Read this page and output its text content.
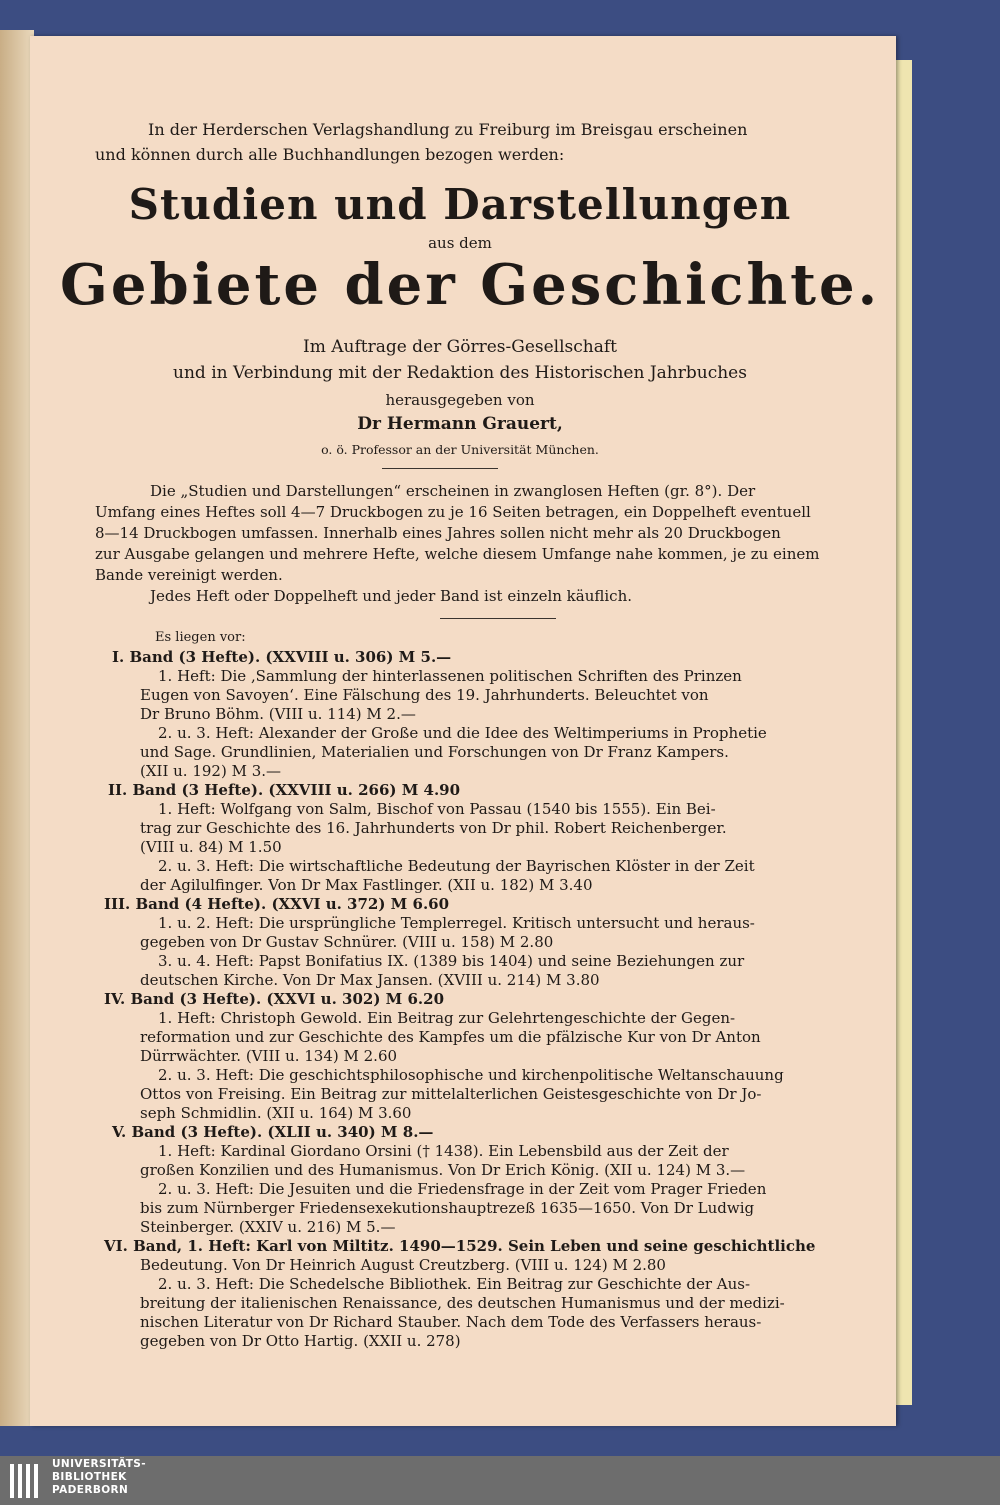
In der Herderschen Verlagshandlung zu Freiburg im Breisgau erscheinen
und können durch alle Buchhandlungen bezogen werden:
Studien und Darstellungen
aus dem
Gebiete der Geschichte.
Im Auftrage der Görres-Gesellschaft
und in Verbindung mit der Redaktion des Historischen Jahrbuches
herausgegeben von
Dr Hermann Grauert,
o. ö. Professor an der Universität München.
Die „Studien und Darstellungen“ erscheinen in zwanglosen Heften (gr. 8°). Der
Umfang eines Heftes soll 4—7 Druckbogen zu je 16 Seiten betragen, ein Doppelheft eventuell
8—14 Druckbogen umfassen. Innerhalb eines Jahres sollen nicht mehr als 20 Druckbogen
zur Ausgabe gelangen und mehrere Hefte, welche diesem Umfange nahe kommen, je zu einem
Bande vereinigt werden.
Jedes Heft oder Doppelheft und jeder Band ist einzeln käuflich.
Es liegen vor:
I. Band (3 Hefte). (XXVIII u. 306) M 5.—
1. Heft: Die ‚Sammlung der hinterlassenen politischen Schriften des Prinzen
Eugen von Savoyen‘. Eine Fälschung des 19. Jahrhunderts. Beleuchtet von
Dr Bruno Böhm. (VIII u. 114) M 2.—
2. u. 3. Heft: Alexander der Große und die Idee des Weltimperiums in Prophetie
und Sage. Grundlinien, Materialien und Forschungen von Dr Franz Kampers.
(XII u. 192) M 3.—
II. Band (3 Hefte). (XXVIII u. 266) M 4.90
1. Heft: Wolfgang von Salm, Bischof von Passau (1540 bis 1555). Ein Bei-
trag zur Geschichte des 16. Jahrhunderts von Dr phil. Robert Reichenberger.
(VIII u. 84) M 1.50
2. u. 3. Heft: Die wirtschaftliche Bedeutung der Bayrischen Klöster in der Zeit
der Agilulfinger. Von Dr Max Fastlinger. (XII u. 182) M 3.40
III. Band (4 Hefte). (XXVI u. 372) M 6.60
1. u. 2. Heft: Die ursprüngliche Templerregel. Kritisch untersucht und heraus-
gegeben von Dr Gustav Schnürer. (VIII u. 158) M 2.80
3. u. 4. Heft: Papst Bonifatius IX. (1389 bis 1404) und seine Beziehungen zur
deutschen Kirche. Von Dr Max Jansen. (XVIII u. 214) M 3.80
IV. Band (3 Hefte). (XXVI u. 302) M 6.20
1. Heft: Christoph Gewold. Ein Beitrag zur Gelehrtengeschichte der Gegen-
reformation und zur Geschichte des Kampfes um die pfälzische Kur von Dr Anton
Dürrwächter. (VIII u. 134) M 2.60
2. u. 3. Heft: Die geschichtsphilosophische und kirchenpolitische Weltanschauung
Ottos von Freising. Ein Beitrag zur mittelalterlichen Geistesgeschichte von Dr Jo-
seph Schmidlin. (XII u. 164) M 3.60
V. Band (3 Hefte). (XLII u. 340) M 8.—
1. Heft: Kardinal Giordano Orsini († 1438). Ein Lebensbild aus der Zeit der
großen Konzilien und des Humanismus. Von Dr Erich König. (XII u. 124) M 3.—
2. u. 3. Heft: Die Jesuiten und die Friedensfrage in der Zeit vom Prager Frieden
bis zum Nürnberger Friedensexekutionshauptrezeß 1635—1650. Von Dr Ludwig
Steinberger. (XXIV u. 216) M 5.—
VI. Band, 1. Heft: Karl von Miltitz. 1490—1529. Sein Leben und seine geschichtliche
Bedeutung. Von Dr Heinrich August Creutzberg. (VIII u. 124) M 2.80
2. u. 3. Heft: Die Schedelsche Bibliothek. Ein Beitrag zur Geschichte der Aus-
breitung der italienischen Renaissance, des deutschen Humanismus und der medizi-
nischen Literatur von Dr Richard Stauber. Nach dem Tode des Verfassers heraus-
gegeben von Dr Otto Hartig. (XXII u. 278)
UNIVERSITÄTS-
BIBLIOTHEK
PADERBORN
